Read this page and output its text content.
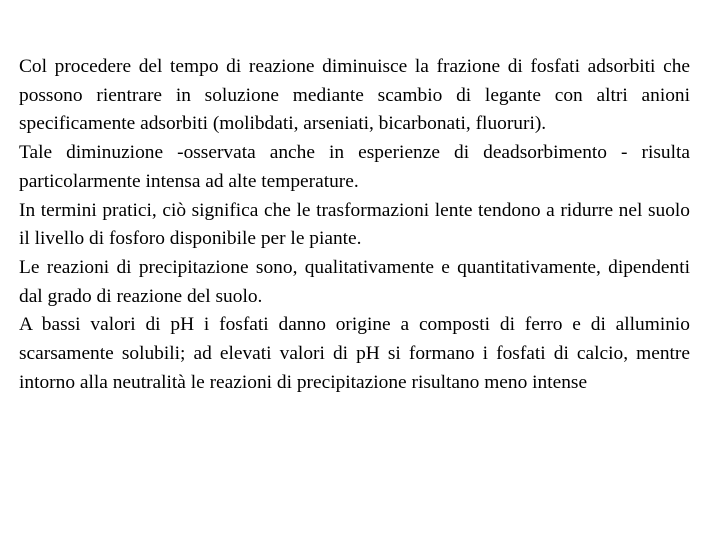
Col procedere del tempo di reazione diminuisce la frazione di fosfati adsorbiti che possono rientrare in soluzione mediante scambio di legante con altri anioni specificamente adsorbiti (molibdati, arseniati, bicarbonati, fluoruri).

Tale diminuzione -osservata anche in esperienze di deadsorbimento - risulta particolarmente intensa ad alte temperature.

In termini pratici, ciò significa che le trasformazioni lente tendono a ridurre nel suolo il livello di fosforo disponibile per le piante.

Le reazioni di precipitazione sono, qualitativamente e quantitativamente, dipendenti dal grado di reazione del suolo.

A bassi valori di pH i fosfati danno origine a composti di ferro e di alluminio scarsamente solubili; ad elevati valori di pH si formano i fosfati di calcio, mentre intorno alla neutralità le reazioni di precipitazione risultano meno intense
